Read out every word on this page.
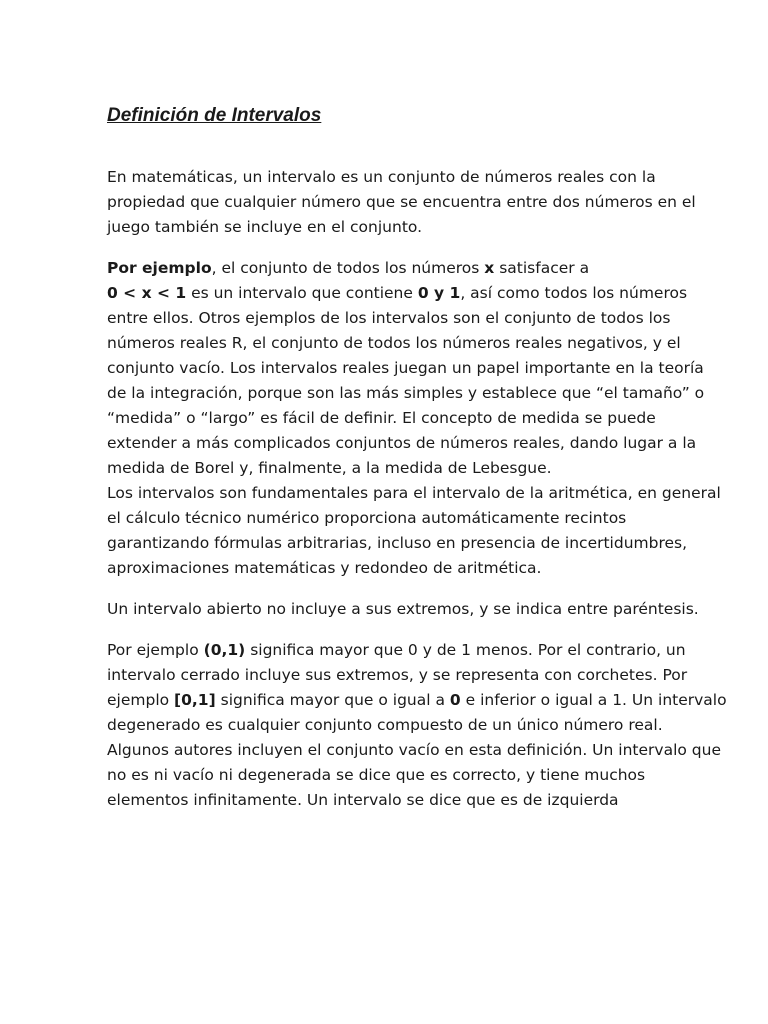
Definición de Intervalos

En matemáticas, un intervalo es un conjunto de números reales con la propiedad que cualquier número que se encuentra entre dos números en el juego también se incluye en el conjunto.

Por ejemplo, el conjunto de todos los números x satisfacer a
0 < x < 1 es un intervalo que contiene 0 y 1, así como todos los números entre ellos. Otros ejemplos de los intervalos son el conjunto de todos los números reales R, el conjunto de todos los números reales negativos, y el conjunto vacío. Los intervalos reales juegan un papel importante en la teoría de la integración, porque son las más simples y establece que “el tamaño” o “medida” o “largo” es fácil de definir. El concepto de medida se puede extender a más complicados conjuntos de números reales, dando lugar a la medida de Borel y, finalmente, a la medida de Lebesgue.

Los intervalos son fundamentales para el intervalo de la aritmética, en general el cálculo técnico numérico proporciona automáticamente recintos garantizando fórmulas arbitrarias, incluso en presencia de incertidumbres, aproximaciones matemáticas y redondeo de aritmética.

Un intervalo abierto no incluye a sus extremos, y se indica entre paréntesis.

Por ejemplo (0,1) significa mayor que 0 y de 1 menos. Por el contrario, un intervalo cerrado incluye sus extremos, y se representa con corchetes. Por ejemplo [0,1] significa mayor que o igual a 0 e inferior o igual a 1. Un intervalo degenerado es cualquier conjunto compuesto de un único número real. Algunos autores incluyen el conjunto vacío en esta definición. Un intervalo que no es ni vacío ni degenerada se dice que es correcto, y tiene muchos elementos infinitamente. Un intervalo se dice que es de izquierda
